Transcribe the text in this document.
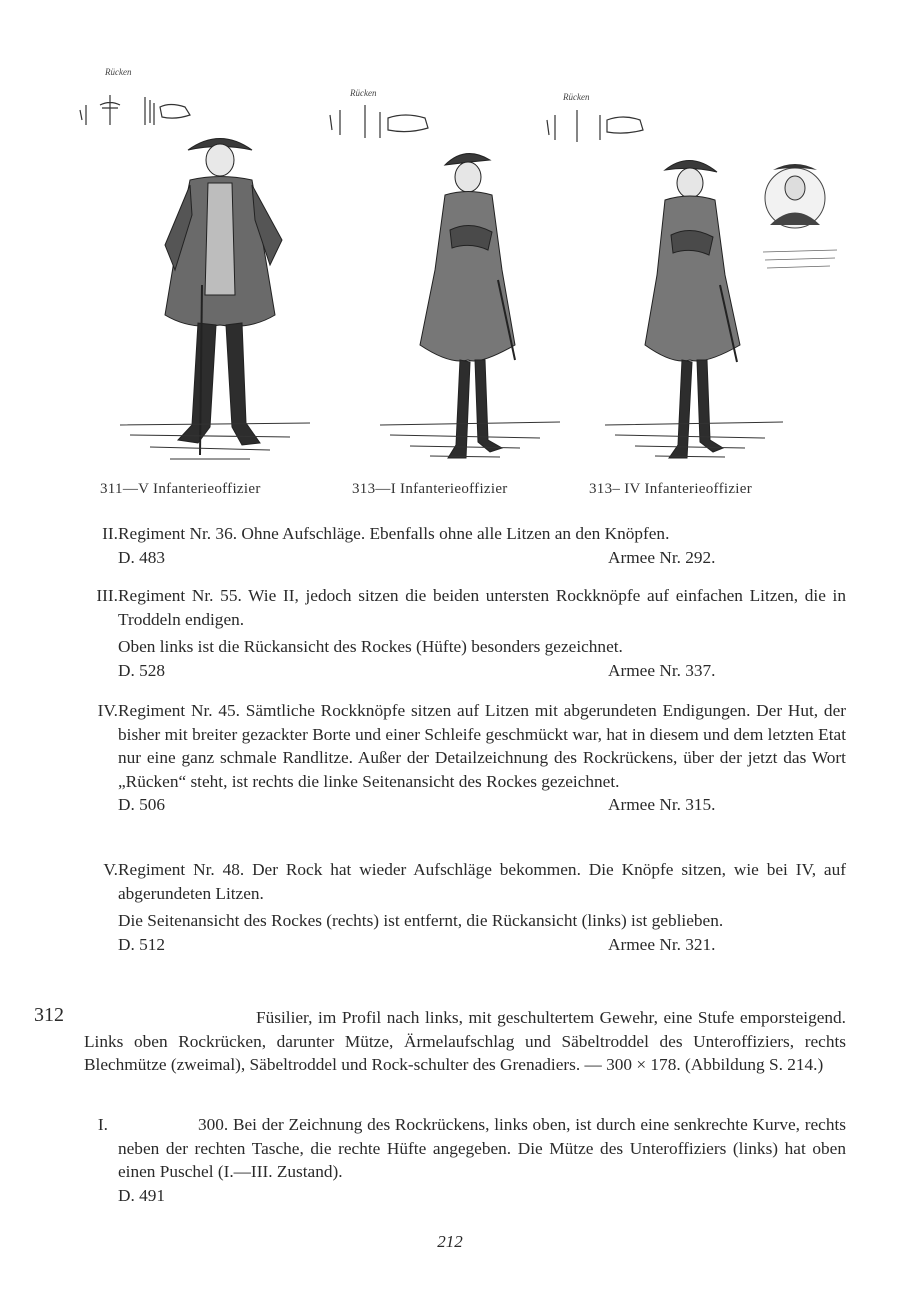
Rücken
Rücken	Rücken
311—V Infanterieoffizier	313—I Infanterieoffizier	313– IV Infanterieoffizier
II. Regiment Nr. 36. Ohne Aufschläge. Ebenfalls ohne alle Litzen an den Knöpfen.
D. 483	Armee Nr. 292.
III. Regiment Nr. 55. Wie II, jedoch sitzen die beiden untersten Rockknöpfe auf einfachen Litzen, die in Troddeln endigen.
Oben links ist die Rückansicht des Rockes (Hüfte) besonders gezeichnet.
D. 528	Armee Nr. 337.
IV. Regiment Nr. 45. Sämtliche Rockknöpfe sitzen auf Litzen mit abgerundeten Endigungen. Der Hut, der bisher mit breiter gezackter Borte und einer Schleife geschmückt war, hat in diesem und dem letzten Etat nur eine ganz schmale Randlitze. Außer der Detailzeichnung des Rockrückens, über der jetzt das Wort „Rücken“ steht, ist rechts die linke Seitenansicht des Rockes gezeichnet.
D. 506	Armee Nr. 315.
V. Regiment Nr. 48. Der Rock hat wieder Aufschläge bekommen. Die Knöpfe sitzen, wie bei IV, auf abgerundeten Litzen.
Die Seitenansicht des Rockes (rechts) ist entfernt, die Rückansicht (links) ist geblieben.
D. 512	Armee Nr. 321.
312	Füsilier, im Profil nach links, mit geschultertem Gewehr, eine Stufe emporsteigend. Links oben Rockrücken, darunter Mütze, Ärmelaufschlag und Säbeltroddel des Unteroffiziers, rechts Blechmütze (zweimal), Säbeltroddel und Rock-schulter des Grenadiers. — 300 × 178. (Abbildung S. 214.)
I.	300. Bei der Zeichnung des Rockrückens, links oben, ist durch eine senkrechte Kurve, rechts neben der rechten Tasche, die rechte Hüfte angegeben. Die Mütze des Unteroffiziers (links) hat oben einen Puschel (I.—III. Zustand).
D. 491
212
